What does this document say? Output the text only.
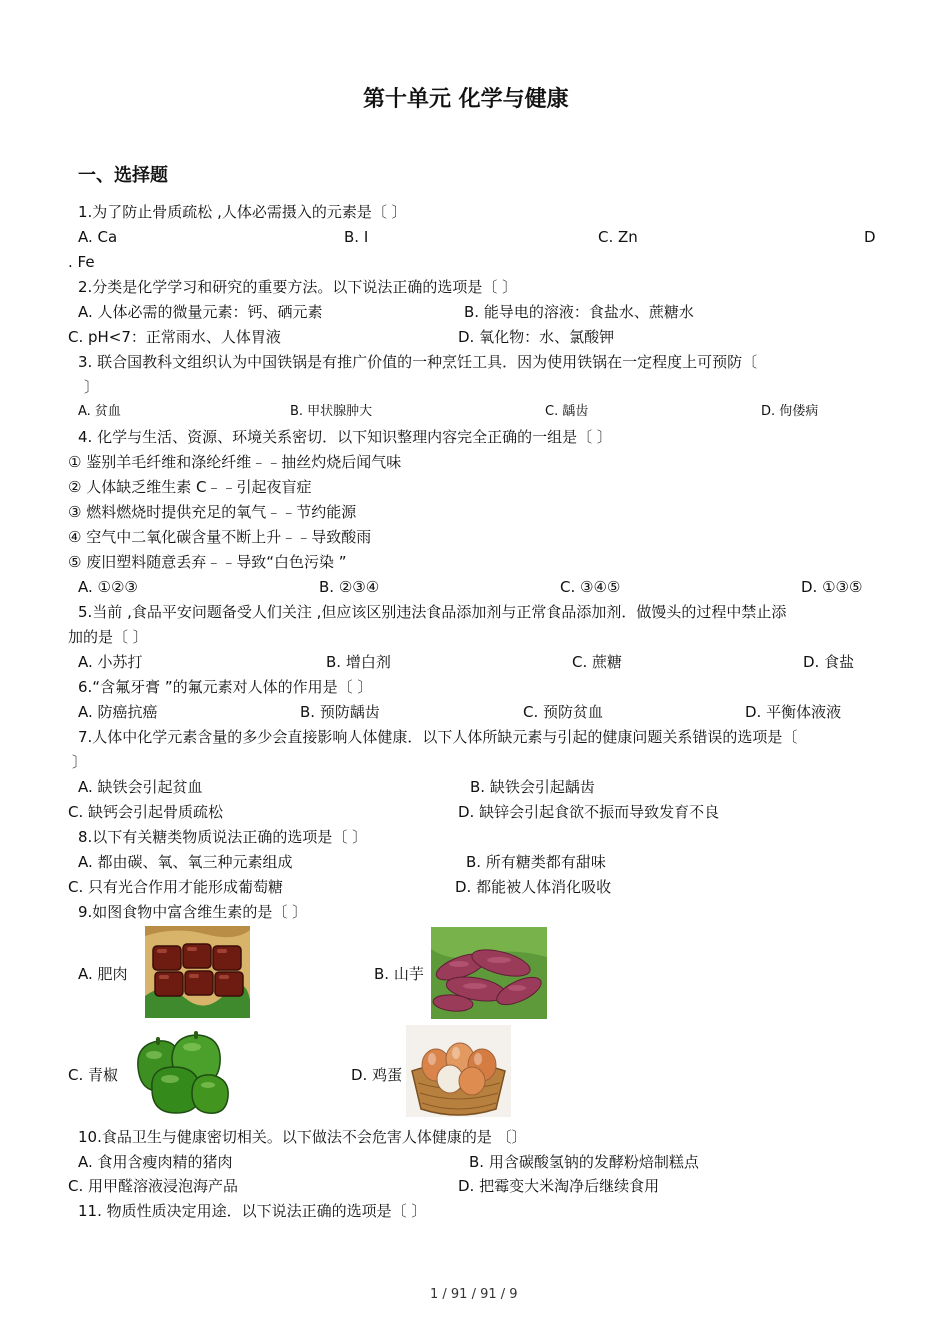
第十单元 化学与健康
一、选择题
1.为了防止骨质疏松 ,人体必需摄入的元素是〔 〕
A. Ca	B. I	C. Zn	D
. Fe
2.分类是化学学习和研究的重要方法。以下说法正确的选项是〔 〕
A. 人体必需的微量元素：钙、硒元素	B. 能导电的溶液：食盐水、蔗糖水
C. pH<7：正常雨水、人体胃液	D. 氧化物：水、氯酸钾
3. 联合国教科文组织认为中国铁锅是有推广价值的一种烹饪工具．因为使用铁锅在一定程度上可预防〔
〕
A. 贫血	B. 甲状腺肿大	C. 龋齿	D. 佝偻病
4. 化学与生活、资源、环境关系密切．以下知识整理内容完全正确的一组是〔 〕
① 鉴别羊毛纤维和涤纶纤维﹣﹣抽丝灼烧后闻气味
② 人体缺乏维生素 C﹣﹣引起夜盲症
③ 燃料燃烧时提供充足的氧气﹣﹣节约能源
④ 空气中二氧化碳含量不断上升﹣﹣导致酸雨
⑤ 废旧塑料随意丢弃﹣﹣导致“白色污染 ”
A. ①②③	B. ②③④	C. ③④⑤	D. ①③⑤
5.当前 ,食品平安问题备受人们关注 ,但应该区别违法食品添加剂与正常食品添加剂．做馒头的过程中禁止添
加的是〔 〕
A. 小苏打	B. 增白剂	C. 蔗糖	D. 食盐
6.“含氟牙膏 ”的氟元素对人体的作用是〔 〕
A. 防癌抗癌	B. 预防龋齿	C. 预防贫血	D. 平衡体液液
7.人体中化学元素含量的多少会直接影响人体健康．以下人体所缺元素与引起的健康问题关系错误的选项是〔
〕
A. 缺铁会引起贫血	B. 缺铁会引起龋齿
C. 缺钙会引起骨质疏松	D. 缺锌会引起食欲不振而导致发育不良
8.以下有关糖类物质说法正确的选项是〔 〕
A. 都由碳、氧、氧三种元素组成	B. 所有糖类都有甜味
C. 只有光合作用才能形成葡萄糖	D. 都能被人体消化吸收
9.如图食物中富含维生素的是〔 〕
A. 肥肉	B. 山芋
C. 青椒	D. 鸡蛋
10.食品卫生与健康密切相关。以下做法不会危害人体健康的是 〔〕
A. 食用含瘦肉精的猪肉	B. 用含碳酸氢钠的发酵粉焙制糕点
C. 用甲醛溶液浸泡海产品	D. 把霉变大米淘净后继续食用
11. 物质性质决定用途．以下说法正确的选项是〔 〕
1 / 91 / 91 / 9
